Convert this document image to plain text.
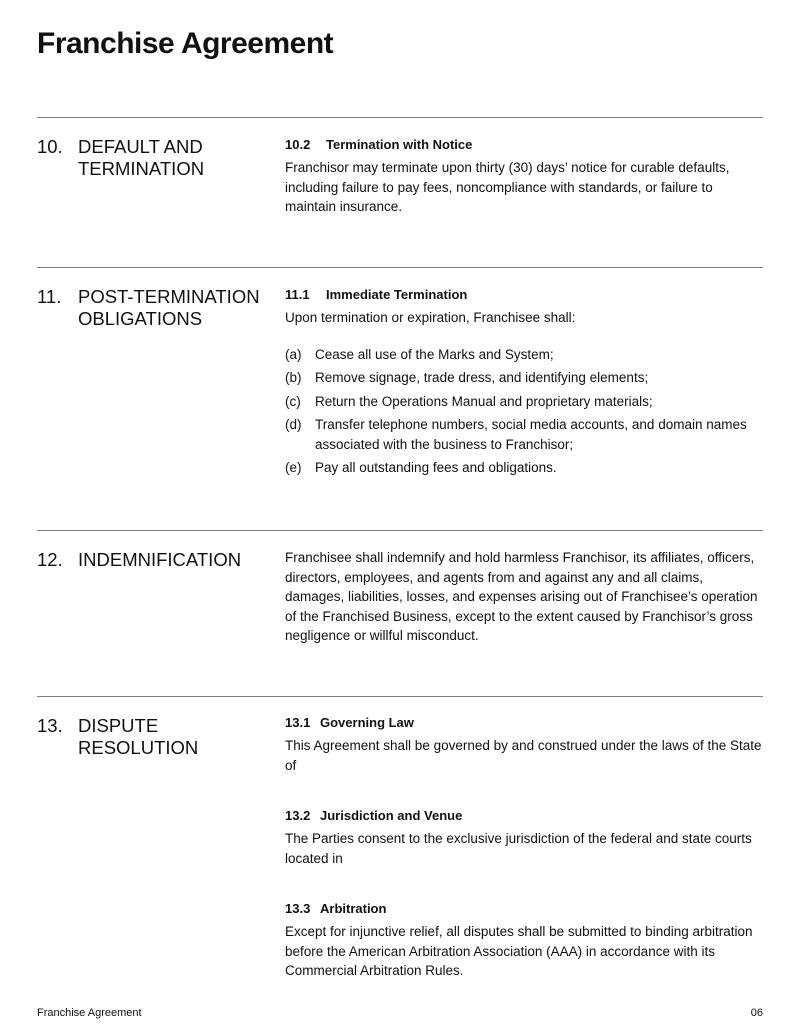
Franchise Agreement
10. DEFAULT AND TERMINATION
10.2 Termination with Notice

Franchisor may terminate upon thirty (30) days’ notice for curable defaults, including failure to pay fees, noncompliance with standards, or failure to maintain insurance.

11. POST-TERMINATION OBLIGATIONS
11.1 Immediate Termination

Upon termination or expiration, Franchisee shall:

(a) Cease all use of the Marks and System;
(b) Remove signage, trade dress, and identifying elements;
(c) Return the Operations Manual and proprietary materials;
(d) Transfer telephone numbers, social media accounts, and domain names associated with the business to Franchisor;
(e) Pay all outstanding fees and obligations.
12. INDEMNIFICATION	Franchisee shall indemnify and hold harmless Franchisor, its affiliates, officers, directors, employees, and agents from and against any and all claims, damages, liabilities, losses, and expenses arising out of Franchisee’s operation of the Franchised Business, except to the extent caused by Franchisor’s gross negligence or willful misconduct.

13. DISPUTE RESOLUTION
13.1 Governing Law

This Agreement shall be governed by and construed under the laws of the State of

13.2 Jurisdiction and Venue

The Parties consent to the exclusive jurisdiction of the federal and state courts located in

13.3 Arbitration

Except for injunctive relief, all disputes shall be submitted to binding arbitration before the American Arbitration Association (AAA) in accordance with its Commercial Arbitration Rules.

Franchise Agreement	06
